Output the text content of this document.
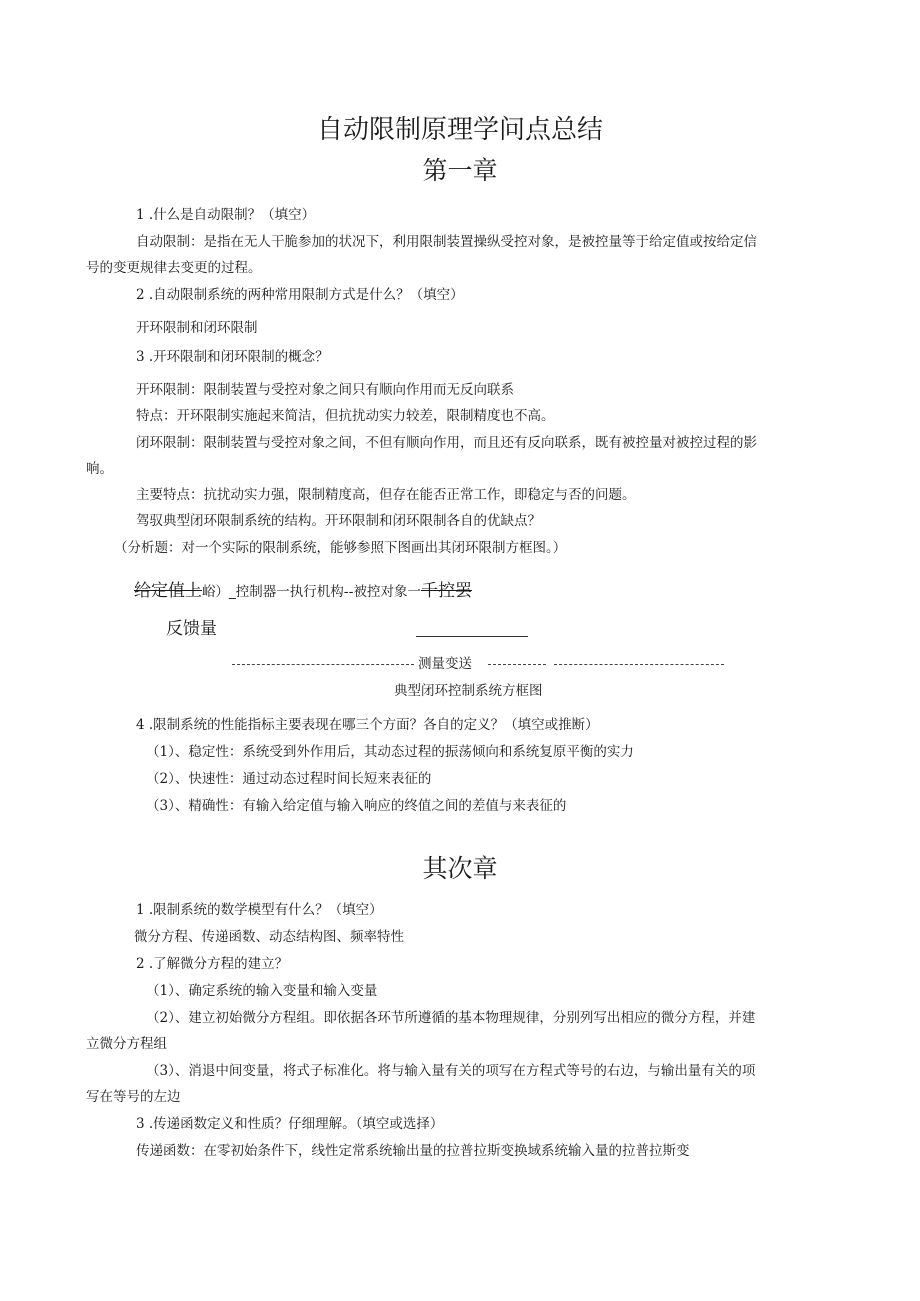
自动限制原理学问点总结
第一章
1 .什么是自动限制？（填空）
自动限制：是指在无人干脆参加的状况下，利用限制装置操纵受控对象，是被控量等于给定值或按给定信
号的变更规律去变更的过程。
2 .自动限制系统的两种常用限制方式是什么？（填空）
开环限制和闭环限制
3 .开环限制和闭环限制的概念？
开环限制：限制装置与受控对象之间只有顺向作用而无反向联系
特点：开环限制实施起来简洁，但抗扰动实力较差，限制精度也不高。
闭环限制：限制装置与受控对象之间，不但有顺向作用，而且还有反向联系，既有被控量对被控过程的影
响。
主要特点：抗扰动实力强，限制精度高，但存在能否正常工作，即稳定与否的问题。
驾驭典型闭环限制系统的结构。开环限制和闭环限制各自的优缺点？
（分析题：对一个实际的限制系统，能够参照下图画出其闭环限制方框图。）
给定值上峪）_控制器一执行机构--被控对象一千控罢
反馈量
测量变送
典型闭环控制系统方框图
4 .限制系统的性能指标主要表现在哪三个方面？各自的定义？（填空或推断）
（1）、稳定性：系统受到外作用后，其动态过程的振荡倾向和系统复原平衡的实力
（2）、快速性：通过动态过程时间长短来表征的
（3）、精确性：有输入给定值与输入响应的终值之间的差值与来表征的
其次章
1 .限制系统的数学模型有什么？（填空）
微分方程、传递函数、动态结构图、频率特性
2 .了解微分方程的建立？
（1）、确定系统的输入变量和输入变量
（2）、建立初始微分方程组。即依据各环节所遵循的基本物理规律，分别列写出相应的微分方程，并建
立微分方程组
（3）、消退中间变量，将式子标准化。将与输入量有关的项写在方程式等号的右边，与输出量有关的项
写在等号的左边
3 .传递函数定义和性质？仔细理解。（填空或选择）
传递函数：在零初始条件下，线性定常系统输出量的拉普拉斯变换域系统输入量的拉普拉斯变
